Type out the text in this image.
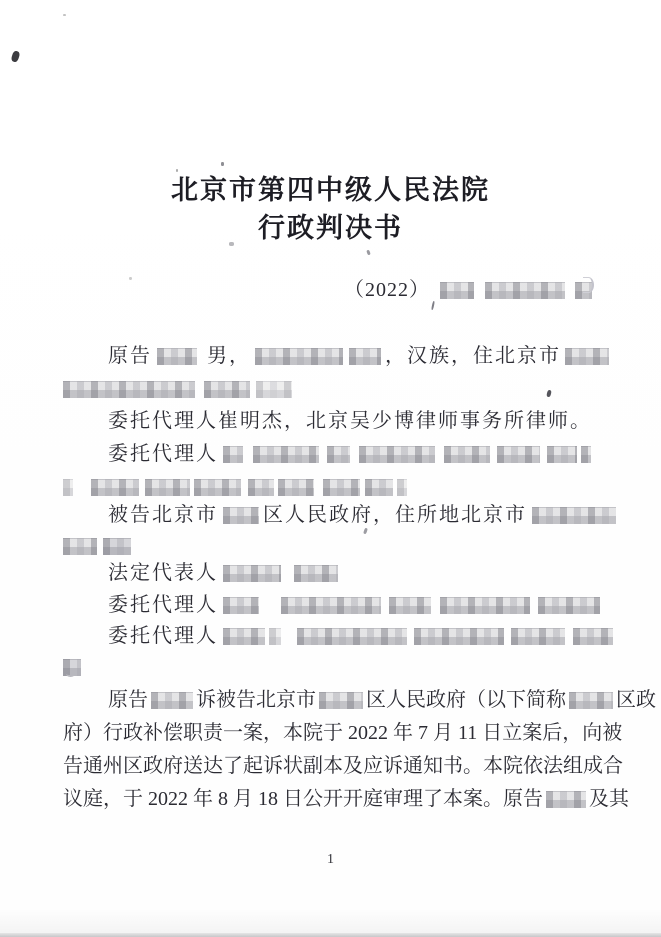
北京市第四中级人民法院
行政判决书
（2022）
原告	男，	，汉族，住北京市
委托代理人崔明杰，北京吴少博律师事务所律师。
委托代理人
被告北京市 区人民政府，住所地北京市
法定代表人
委托代理人
委托代理人
原告 诉被告北京市	区人民政府（以下简称	区政
府）行政补偿职责一案，本院于 2022 年 7 月 11 日立案后，向被
告通州区政府送达了起诉状副本及应诉通知书。本院依法组成合
议庭，于 2022 年 8 月 18 日公开开庭审理了本案。原告 及其
1
